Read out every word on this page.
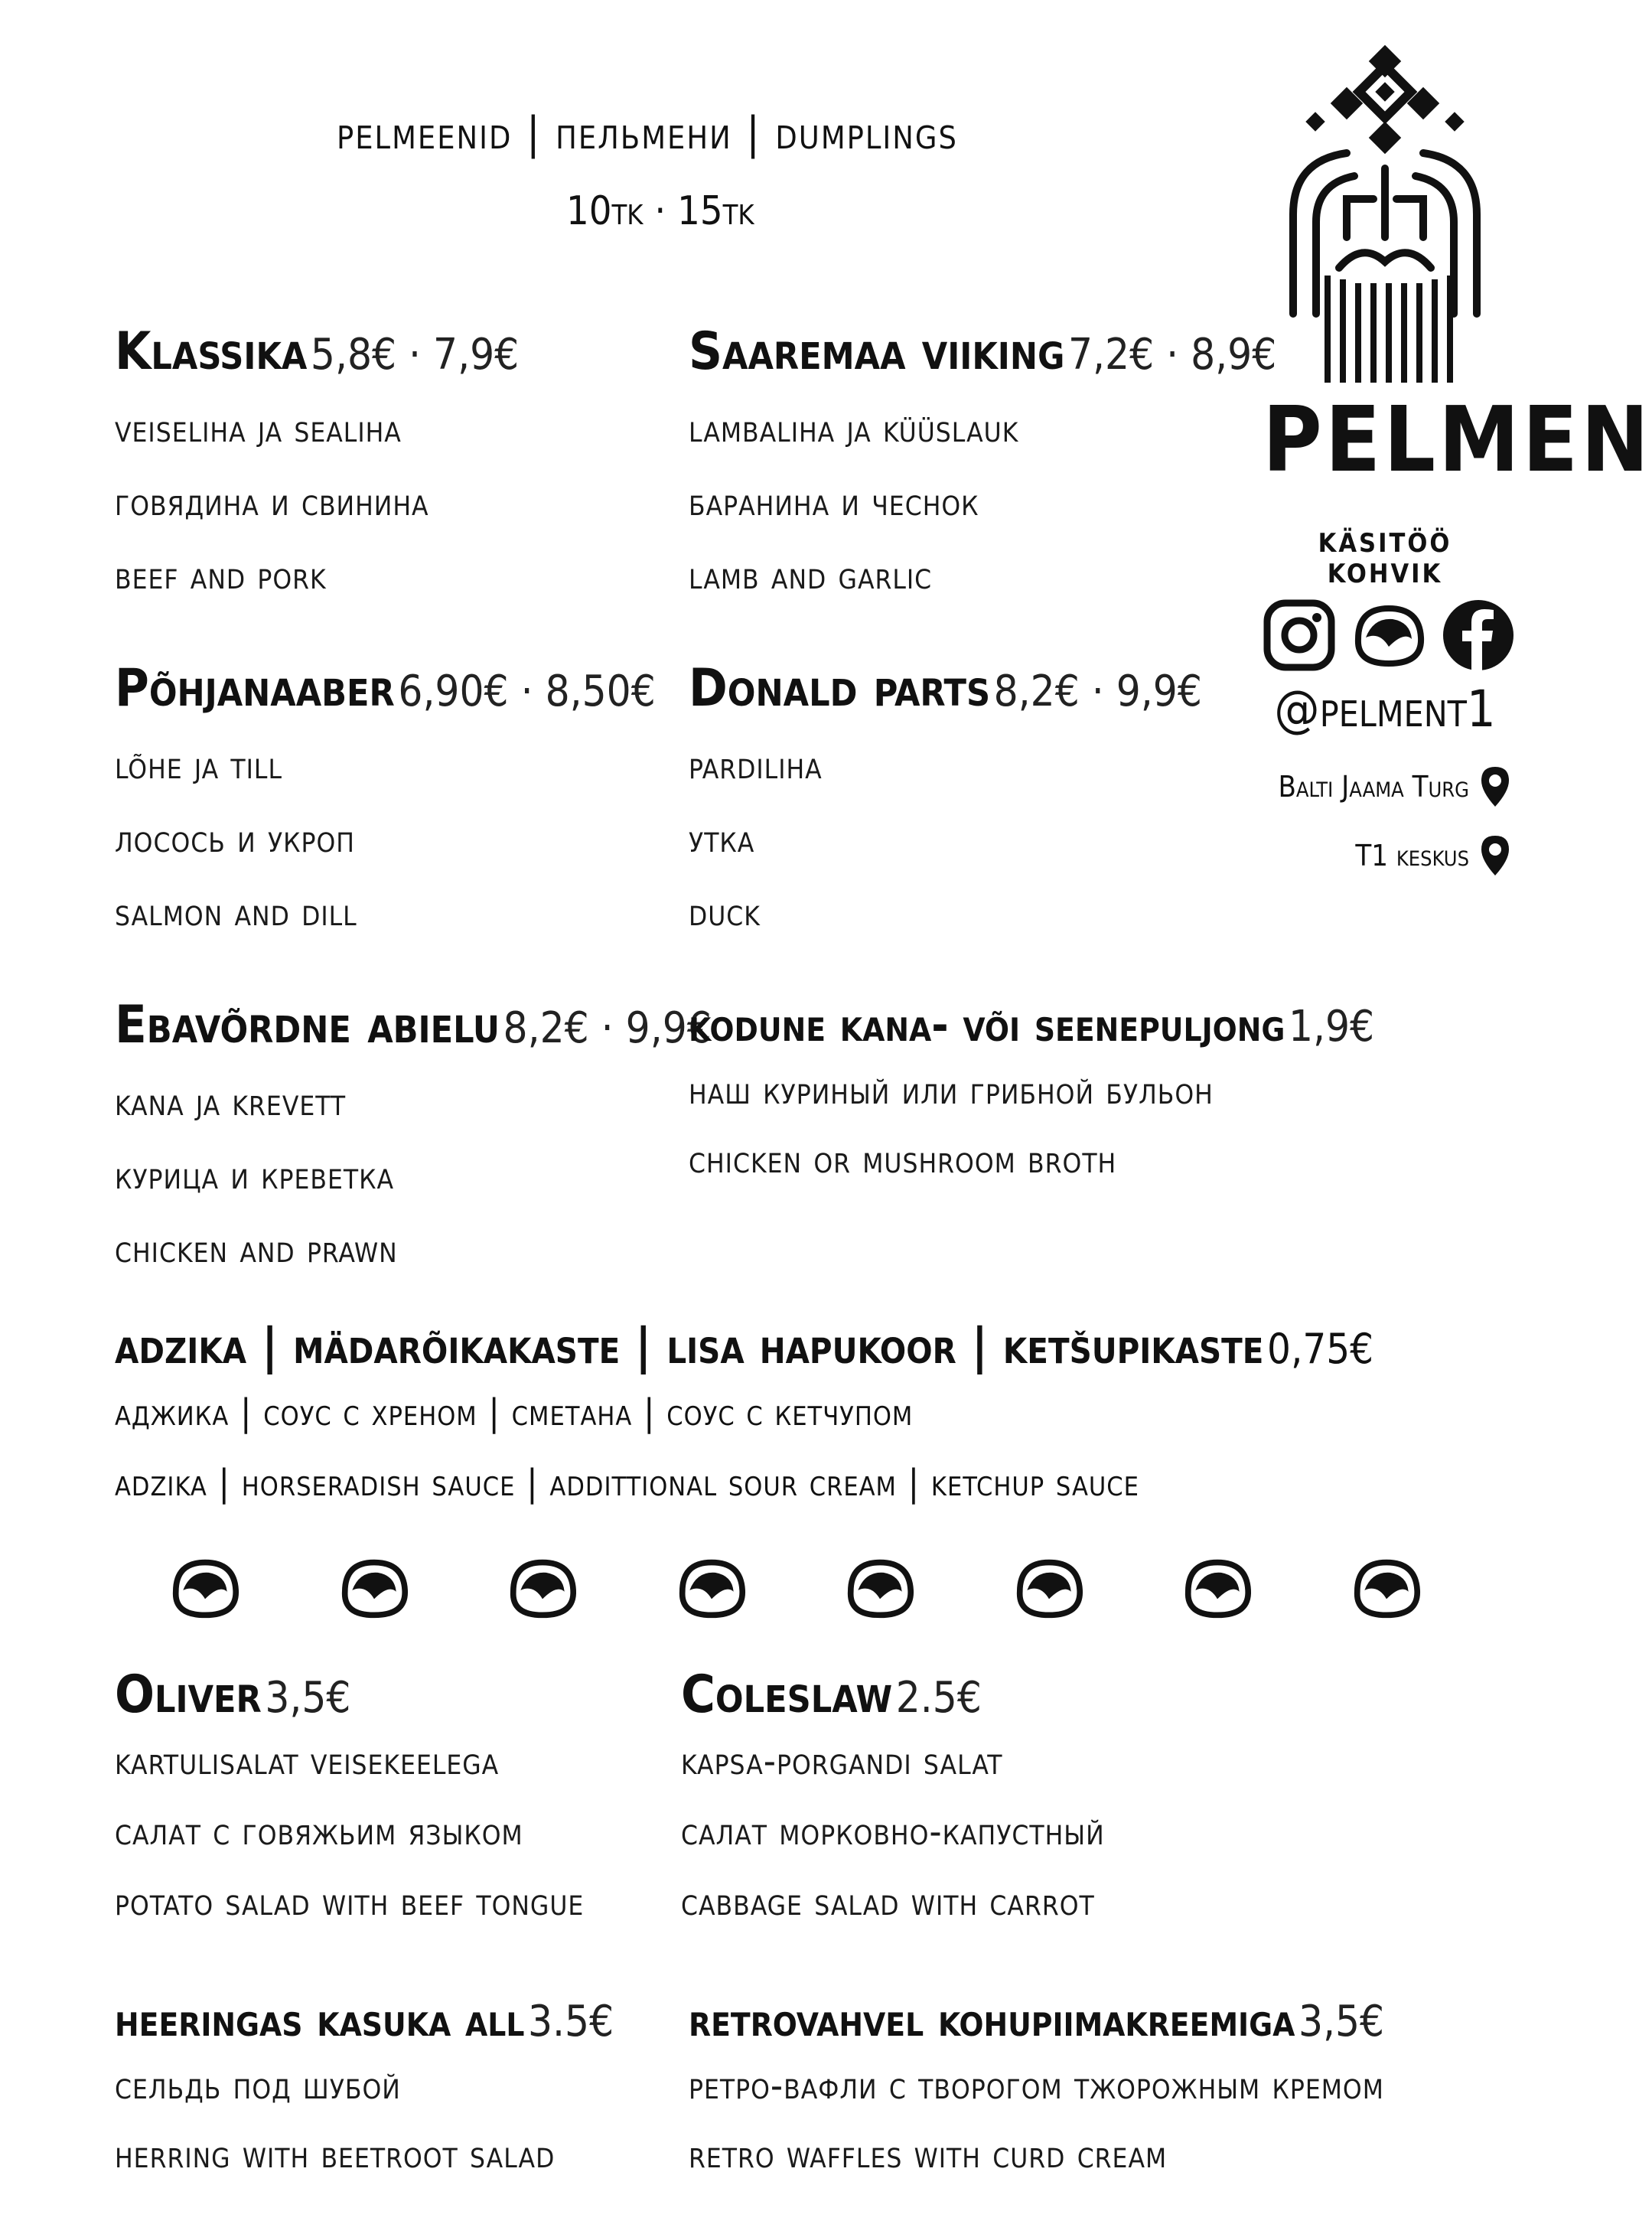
pelmeenid | пельмени | dumplings
10tk · 15tk
Klassika 5,8€ · 7,9€
veiseliha ja sealiha
говядина и свинина
beef and pork
Saaremaa viiking 7,2€ · 8,9€
lambaliha ja küüslauk
баранина и чеснок
lamb and garlic
Põhjanaaber 6,90€ · 8,50€
lõhe ja till
лосось и укроп
salmon and dill
Donald parts 8,2€ · 9,9€
pardiliha
утка
duck
Ebavõrdne abielu 8,2€ · 9,9€
kana ja krevett
курица и креветка
chicken and prawn
kodune kana- või seenepuljong 1,9€
наш куриный или грибной бульон
chicken or mushroom broth
adzika | mädarõikakaste | lisa hapukoor | ketšupikaste 0,75€
аджика | соус с хреном | сметана | соус с кетчупом
adzika | horseradish sauce | addittional sour cream | ketchup sauce
Oliver 3,5€
kartulisalat veisekeelega
салат с говяжьим языком
potato salad with beef tongue
Coleslaw 2.5€
kapsa-porgandi salat
салат морковно-капустный
cabbage salad with carrot
heeringas kasuka all 3.5€
сельдь под шубой
herring with beetroot salad
retrovahvel kohupiimakreemiga 3,5€
ретро-вафли с творогом тжорожным кремом
retro waffles with curd cream
PELMEN
KÄSITÖÖ KOHVIK
@pelment1
Balti Jaama Turg
T1 keskus
